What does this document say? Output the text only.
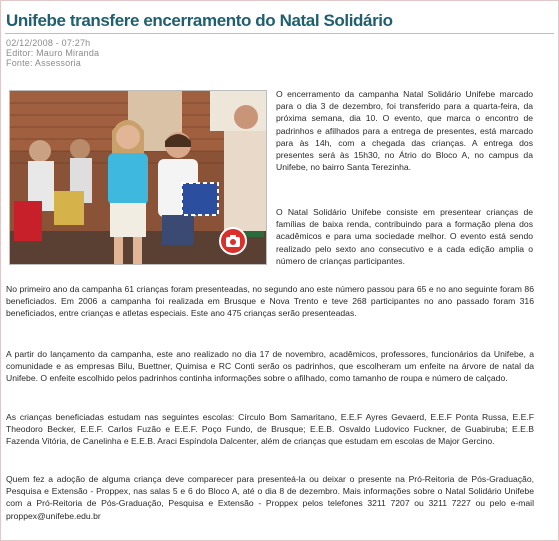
Unifebe transfere encerramento do Natal Solidário
02/12/2008 - 07:27h
Editor: Mauro Miranda
Fonte: Assessoria

O encerramento da campanha Natal Solidário Unifebe marcado para o dia 3 de dezembro, foi transferido para a quarta-feira, da próxima semana, dia 10. O evento, que marca o encontro de padrinhos e afilhados para a entrega de presentes, está marcado para às 14h, com a chegada das crianças. A entrega dos presentes será às 15h30, no Átrio do Bloco A, no campus da Unifebe, no bairro Santa Terezinha.

O Natal Solidário Unifebe consiste em presentear crianças de famílias de baixa renda, contribuindo para a formação plena dos acadêmicos e para uma sociedade melhor. O evento está sendo realizado pelo sexto ano consecutivo e a cada edição amplia o número de crianças participantes.

No primeiro ano da campanha 61 crianças foram presenteadas, no segundo ano este número passou para 65 e no ano seguinte foram 86 beneficiados. Em 2006 a campanha foi realizada em Brusque e Nova Trento e teve 268 participantes no ano passado foram 316 beneficiados, entre crianças e atletas especiais. Este ano 475 crianças serão presenteadas.

A partir do lançamento da campanha, este ano realizado no dia 17 de novembro, acadêmicos, professores, funcionários da Unifebe, a comunidade e as empresas Bilu, Buettner, Quimisa e RC Conti serão os padrinhos, que escolheram um enfeite na árvore de natal da Unifebe. O enfeite escolhido pelos padrinhos continha informações sobre o afilhado, como tamanho de roupa e número de calçado.

As crianças beneficiadas estudam nas seguintes escolas: Círculo Bom Samaritano, E.E.F Ayres Gevaerd, E.E.F Ponta Russa, E.E.F Theodoro Becker, E.E.F. Carlos Fuzão e E.E.F. Poço Fundo, de Brusque; E.E.B. Osvaldo Ludovico Fuckner, de Guabiruba; E.E.B Fazenda Vitória, de Canelinha e E.E.B. Araci Espíndola Dalcenter, além de crianças que estudam em escolas de Major Gercino.

Quem fez a adoção de alguma criança deve comparecer para presenteá-la ou deixar o presente na Pró-Reitoria de Pós-Graduação, Pesquisa e Extensão - Proppex, nas salas 5 e 6 do Bloco A, até o dia 8 de dezembro. Mais informações sobre o Natal Solidário Unifebe com a Pró-Reitoria de Pós-Graduação, Pesquisa e Extensão - Proppex pelos telefones 3211 7207 ou 3211 7227 ou pelo e-mail proppex@unifebe.edu.br
